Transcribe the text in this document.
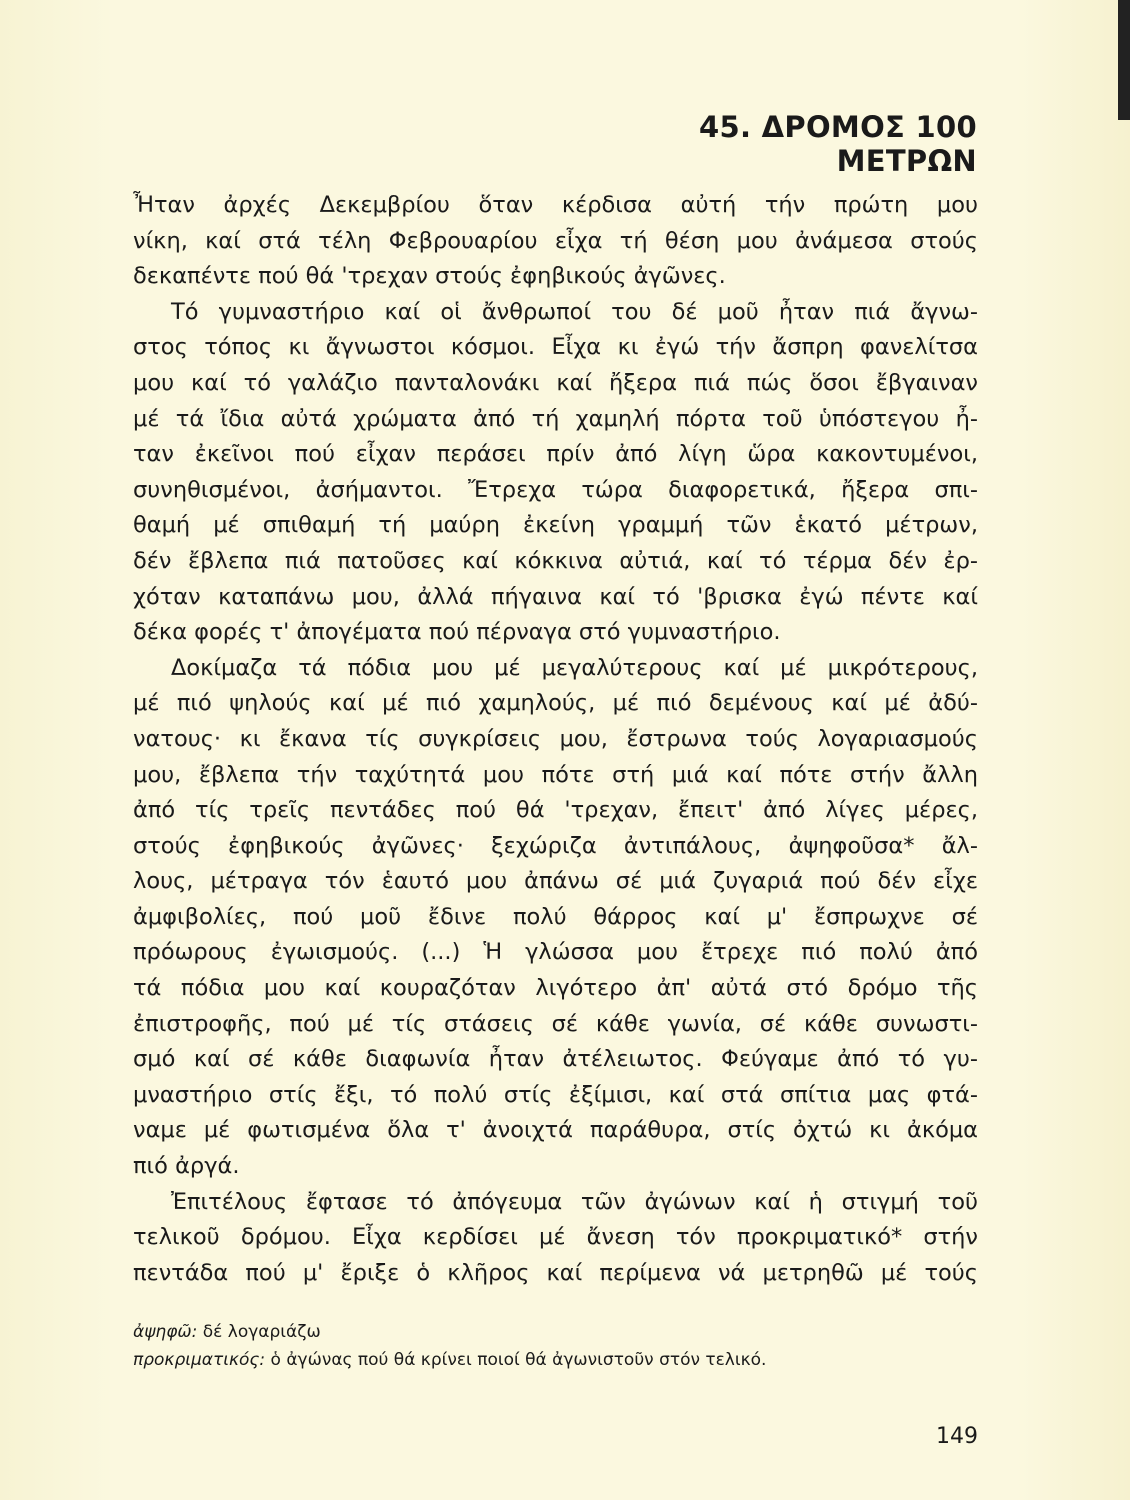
45. ΔΡΟΜΟΣ 100 ΜΕΤΡΩΝ
Ἦταν ἀρχές Δεκεμβρίου ὅταν κέρδισα αὐτή τήν πρώτη μου
νίκη, καί στά τέλη Φεβρουαρίου εἶχα τή θέση μου ἀνάμεσα στούς
δεκαπέντε πού θά 'τρεχαν στούς ἐφηβικούς ἀγῶνες.
Τό γυμναστήριο καί οἱ ἄνθρωποί του δέ μοῦ ἦταν πιά ἄγνω-
στος τόπος κι ἄγνωστοι κόσμοι. Εἶχα κι ἐγώ τήν ἄσπρη φανελίτσα
μου καί τό γαλάζιο πανταλονάκι καί ἤξερα πιά πώς ὅσοι ἔβγαιναν
μέ τά ἴδια αὐτά χρώματα ἀπό τή χαμηλή πόρτα τοῦ ὑπόστεγου ἦ-
ταν ἐκεῖνοι πού εἶχαν περάσει πρίν ἀπό λίγη ὥρα κακοντυμένοι,
συνηθισμένοι, ἀσήμαντοι. Ἔτρεχα τώρα διαφορετικά, ἤξερα σπι-
θαμή μέ σπιθαμή τή μαύρη ἐκείνη γραμμή τῶν ἑκατό μέτρων,
δέν ἔβλεπα πιά πατοῦσες καί κόκκινα αὐτιά, καί τό τέρμα δέν ἐρ-
χόταν καταπάνω μου, ἀλλά πήγαινα καί τό 'βρισκα ἐγώ πέντε καί
δέκα φορές τ' ἀπογέματα πού πέρναγα στό γυμναστήριο.
Δοκίμαζα τά πόδια μου μέ μεγαλύτερους καί μέ μικρότερους,
μέ πιό ψηλούς καί μέ πιό χαμηλούς, μέ πιό δεμένους καί μέ ἀδύ-
νατους· κι ἔκανα τίς συγκρίσεις μου, ἔστρωνα τούς λογαριασμούς
μου, ἔβλεπα τήν ταχύτητά μου πότε στή μιά καί πότε στήν ἄλλη
ἀπό τίς τρεῖς πεντάδες πού θά 'τρεχαν, ἔπειτ' ἀπό λίγες μέρες,
στούς ἐφηβικούς ἀγῶνες· ξεχώριζα ἀντιπάλους, ἀψηφοῦσα* ἄλ-
λους, μέτραγα τόν ἑαυτό μου ἀπάνω σέ μιά ζυγαριά πού δέν εἶχε
ἀμφιβολίες, πού μοῦ ἔδινε πολύ θάρρος καί μ' ἔσπρωχνε σέ
πρόωρους ἐγωισμούς. (...) Ἡ γλώσσα μου ἔτρεχε πιό πολύ ἀπό
τά πόδια μου καί κουραζόταν λιγότερο ἀπ' αὐτά στό δρόμο τῆς
ἐπιστροφῆς, πού μέ τίς στάσεις σέ κάθε γωνία, σέ κάθε συνωστι-
σμό καί σέ κάθε διαφωνία ἦταν ἀτέλειωτος. Φεύγαμε ἀπό τό γυ-
μναστήριο στίς ἔξι, τό πολύ στίς ἐξίμισι, καί στά σπίτια μας φτά-
ναμε μέ φωτισμένα ὅλα τ' ἀνοιχτά παράθυρα, στίς ὀχτώ κι ἀκόμα
πιό ἀργά.
Ἐπιτέλους ἔφτασε τό ἀπόγευμα τῶν ἀγώνων καί ἡ στιγμή τοῦ
τελικοῦ δρόμου. Εἶχα κερδίσει μέ ἄνεση τόν προκριματικό* στήν
πεντάδα πού μ' ἔριξε ὁ κλῆρος καί περίμενα νά μετρηθῶ μέ τούς
ἀψηφῶ: δέ λογαριάζω
προκριματικός: ὁ ἀγώνας πού θά κρίνει ποιοί θά ἀγωνιστοῦν στόν τελικό.
149
